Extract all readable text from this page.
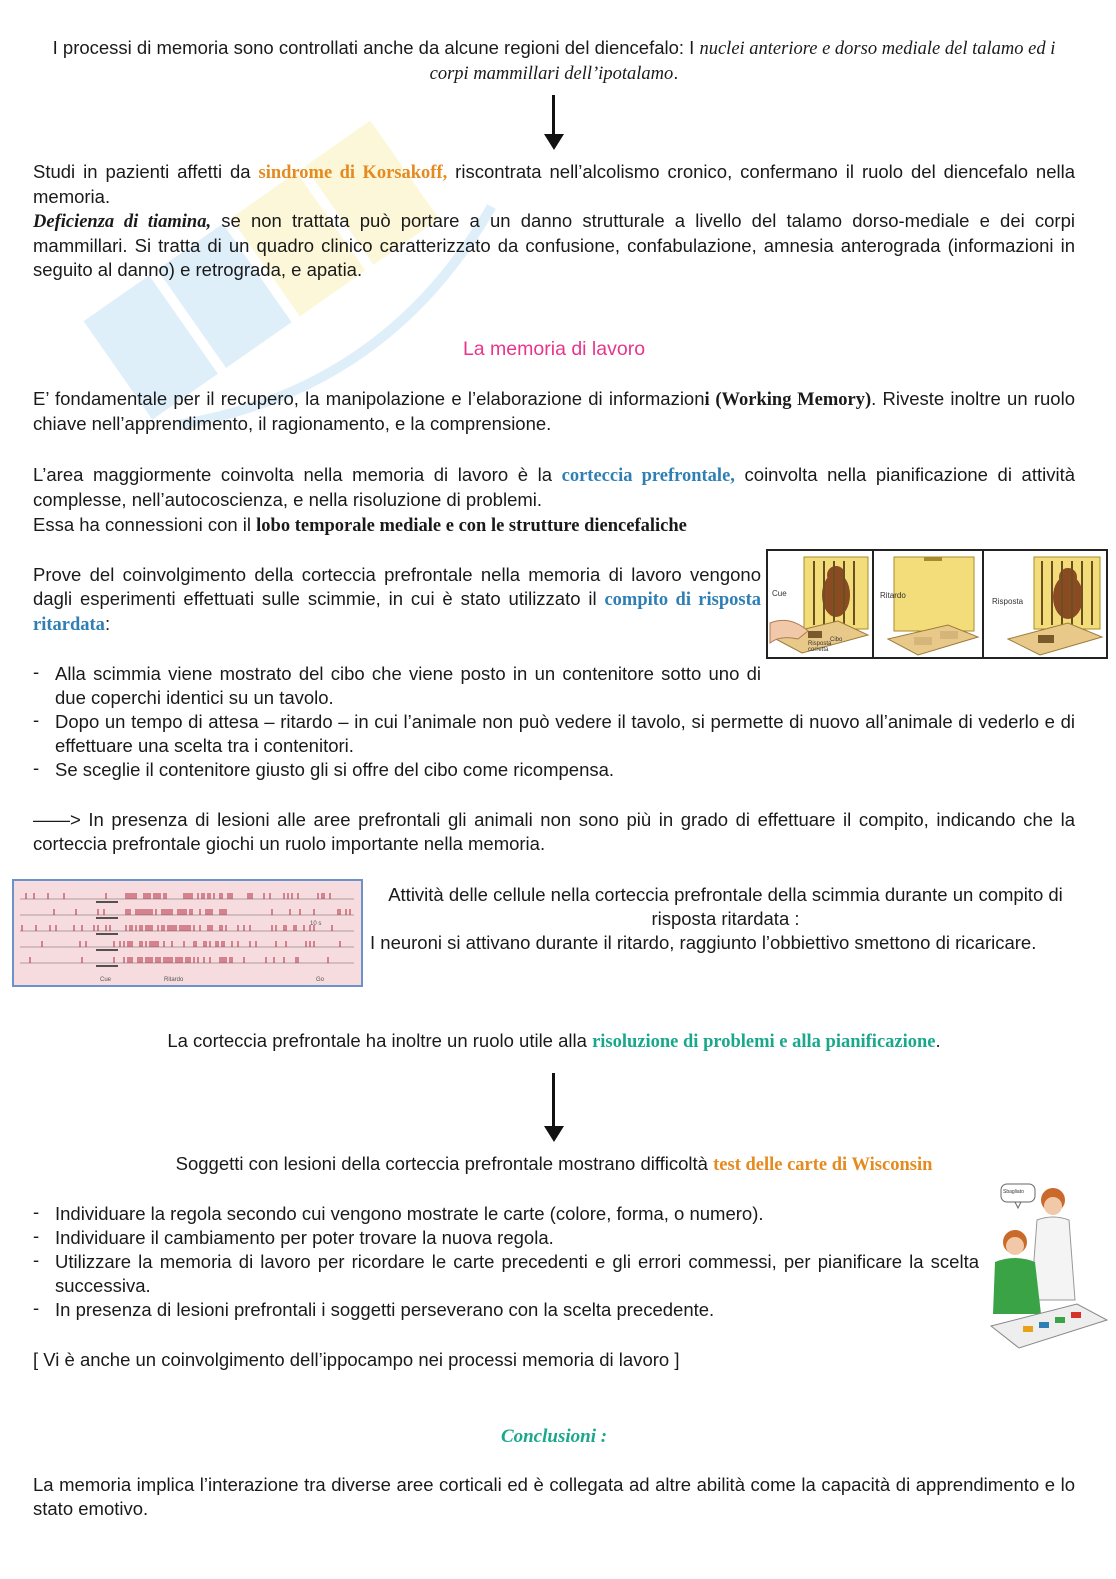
I processi di memoria sono controllati anche da alcune regioni del diencefalo: I nuclei anteriore e dorso mediale del talamo ed i corpi mammillari dell’ipotalamo.
Studi in pazienti affetti da sindrome di Korsakoff, riscontrata nell’alcolismo cronico, confermano il ruolo del diencefalo nella memoria.
Deficienza di tiamina, se non trattata può portare a un danno strutturale a livello del talamo dorso-mediale e dei corpi mammillari. Si tratta di un quadro clinico caratterizzato da confusione, confabulazione, amnesia anterograda (informazioni in seguito al danno) e retrograda, e apatia.
La memoria di lavoro
E’ fondamentale per il recupero, la manipolazione e l’elaborazione di informazioni (Working Memory). Riveste inoltre un ruolo chiave nell’apprendimento, il ragionamento, e la comprensione.
L’area maggiormente coinvolta nella memoria di lavoro è la corteccia prefrontale, coinvolta nella pianificazione di attività complesse, nell’autocoscienza, e nella risoluzione di problemi.
Essa ha connessioni con il lobo temporale mediale e con le strutture diencefaliche
Prove del coinvolgimento della corteccia prefrontale nella memoria di lavoro vengono dagli esperimenti effettuati sulle scimmie, in cui è stato utilizzato il compito di risposta ritardata:
Cue
Cibo
Risposta corretta
Ritardo
Risposta
- Alla scimmia viene mostrato del cibo che viene posto in un contenitore sotto uno di due coperchi identici su un tavolo.
- Dopo un tempo di attesa – ritardo – in cui l’animale non può vedere il tavolo, si permette di nuovo all’animale di vederlo e di effettuare una scelta tra i contenitori.
- Se sceglie il contenitore giusto gli si offre del cibo come ricompensa.
——> In presenza di lesioni alle aree prefrontali gli animali non sono più in grado di effettuare il compito, indicando che la corteccia prefrontale giochi un ruolo importante nella memoria.
Cue	Ritardo	Go
10 s
Attività delle cellule nella corteccia prefrontale della scimmia durante un compito di risposta ritardata :
I neuroni si attivano durante il ritardo, raggiunto l’obbiettivo smettono di ricaricare.
La corteccia prefrontale ha inoltre un ruolo utile alla risoluzione di problemi e alla pianificazione.
Soggetti con lesioni della corteccia prefrontale mostrano difficoltà test delle carte di Wisconsin
- Individuare la regola secondo cui vengono mostrate le carte (colore, forma, o numero).
- Individuare il cambiamento per poter trovare la nuova regola.
- Utilizzare la memoria di lavoro per ricordare le carte precedenti e gli errori commessi, per pianificare la scelta successiva.
- In presenza di lesioni prefrontali i soggetti perseverano con la scelta precedente.
Sbagliato
[ Vi è anche un coinvolgimento dell’ippocampo nei processi memoria di lavoro ]
Conclusioni :
La memoria implica l’interazione tra diverse aree corticali ed è collegata ad altre abilità come la capacità di apprendimento e lo stato emotivo.
